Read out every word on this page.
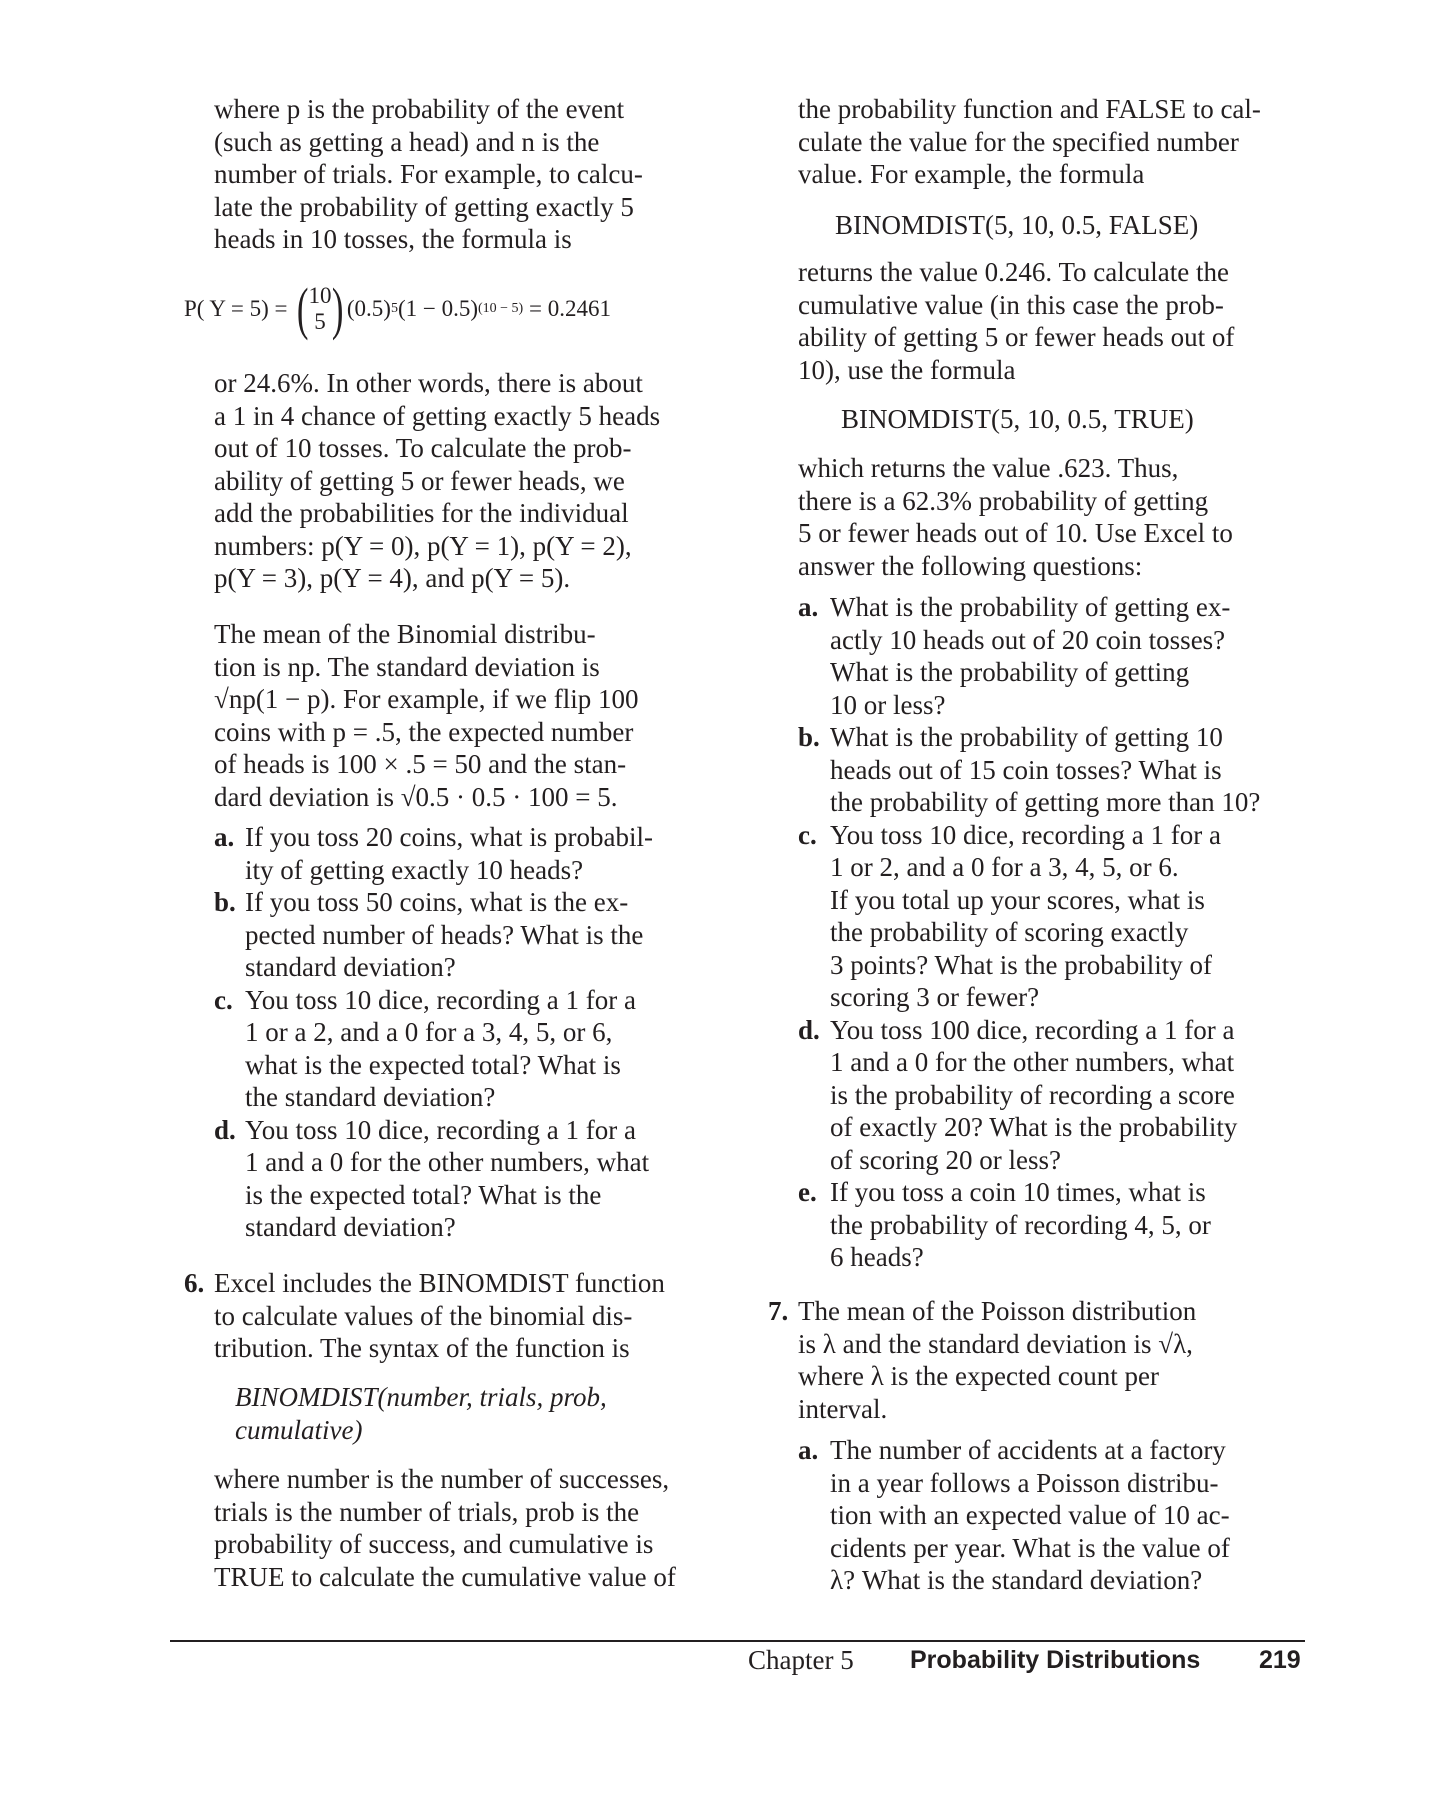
where p is the probability of the event
(such as getting a head) and n is the
number of trials. For example, to calcu-
late the probability of getting exactly 5
heads in 10 tosses, the formula is
P( Y = 5) =
( 10
5 ) (0.5) 5 (1 − 0.5) (10 − 5)
= 0.2461
or 24.6%. In other words, there is about
a 1 in 4 chance of getting exactly 5 heads
out of 10 tosses. To calculate the prob-
ability of getting 5 or fewer heads, we
add the probabilities for the individual
numbers: p(Y = 0), p(Y = 1), p(Y = 2),
p(Y = 3), p(Y = 4), and p(Y = 5).
The mean of the Binomial distribu-
tion is np. The standard deviation is
√np(1 − p). For example, if we flip 100
coins with p = .5, the expected number
of heads is 100 × .5 = 50 and the stan-
dard deviation is √0.5 · 0.5 · 100 = 5.
a. If you toss 20 coins, what is probabil-
ity of getting exactly 10 heads?
b. If you toss 50 coins, what is the ex-
pected number of heads? What is the
standard deviation?
c. You toss 10 dice, recording a 1 for a
1 or a 2, and a 0 for a 3, 4, 5, or 6,
what is the expected total? What is
the standard deviation?
d. You toss 10 dice, recording a 1 for a
1 and a 0 for the other numbers, what
is the expected total? What is the
standard deviation?
6. Excel includes the BINOMDIST function
to calculate values of the binomial dis-
tribution. The syntax of the function is
BINOMDIST(number, trials, prob,
cumulative)
where number is the number of successes,
trials is the number of trials, prob is the
probability of success, and cumulative is
TRUE to calculate the cumulative value of
the probability function and FALSE to cal-
culate the value for the specified number
value. For example, the formula
BINOMDIST(5, 10, 0.5, FALSE)
returns the value 0.246. To calculate the
cumulative value (in this case the prob-
ability of getting 5 or fewer heads out of
10), use the formula
BINOMDIST(5, 10, 0.5, TRUE)
which returns the value .623. Thus,
there is a 62.3% probability of getting
5 or fewer heads out of 10. Use Excel to
answer the following questions:
a. What is the probability of getting ex-
actly 10 heads out of 20 coin tosses?
What is the probability of getting
10 or less?
b. What is the probability of getting 10
heads out of 15 coin tosses? What is
the probability of getting more than 10?
c. You toss 10 dice, recording a 1 for a
1 or 2, and a 0 for a 3, 4, 5, or 6.
If you total up your scores, what is
the probability of scoring exactly
3 points? What is the probability of
scoring 3 or fewer?
d. You toss 100 dice, recording a 1 for a
1 and a 0 for the other numbers, what
is the probability of recording a score
of exactly 20? What is the probability
of scoring 20 or less?
e. If you toss a coin 10 times, what is
the probability of recording 4, 5, or
6 heads?
7. The mean of the Poisson distribution
is λ and the standard deviation is √λ,
where λ is the expected count per
interval.
a. The number of accidents at a factory
in a year follows a Poisson distribu-
tion with an expected value of 10 ac-
cidents per year. What is the value of
λ? What is the standard deviation?
Chapter 5 Probability Distributions 219
